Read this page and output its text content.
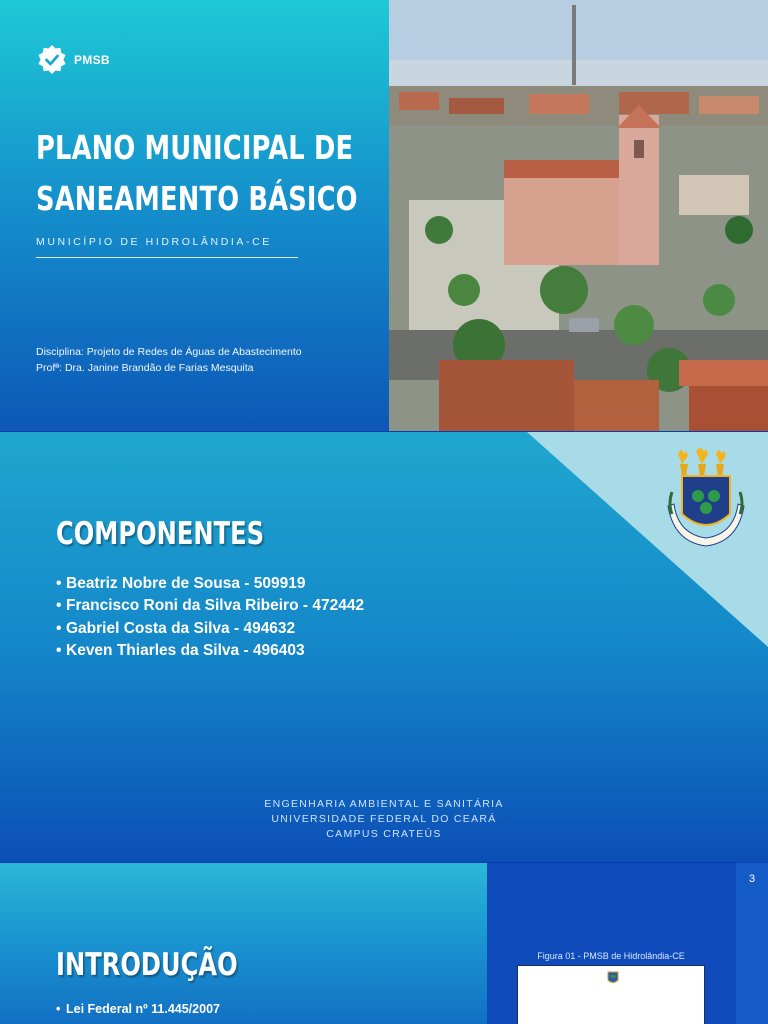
PMSB
PLANO MUNICIPAL DE
SANEAMENTO BÁSICO
MUNICÍPIO DE HIDROLÂNDIA-CE
Disciplina: Projeto de Redes de Águas de Abastecimento
Profª: Dra. Janine Brandão de Farias Mesquita
COMPONENTES
• Beatriz Nobre de Sousa - 509919
• Francisco Roni da Silva Ribeiro - 472442
• Gabriel Costa da Silva - 494632
• Keven Thiarles da Silva - 496403
ENGENHARIA AMBIENTAL E SANITÁRIA
UNIVERSIDADE FEDERAL DO CEARÁ
CAMPUS CRATEÚS
3
INTRODUÇÃO
• Lei Federal nº 11.445/2007
Figura 01 - PMSB de Hidrolândia-CE
